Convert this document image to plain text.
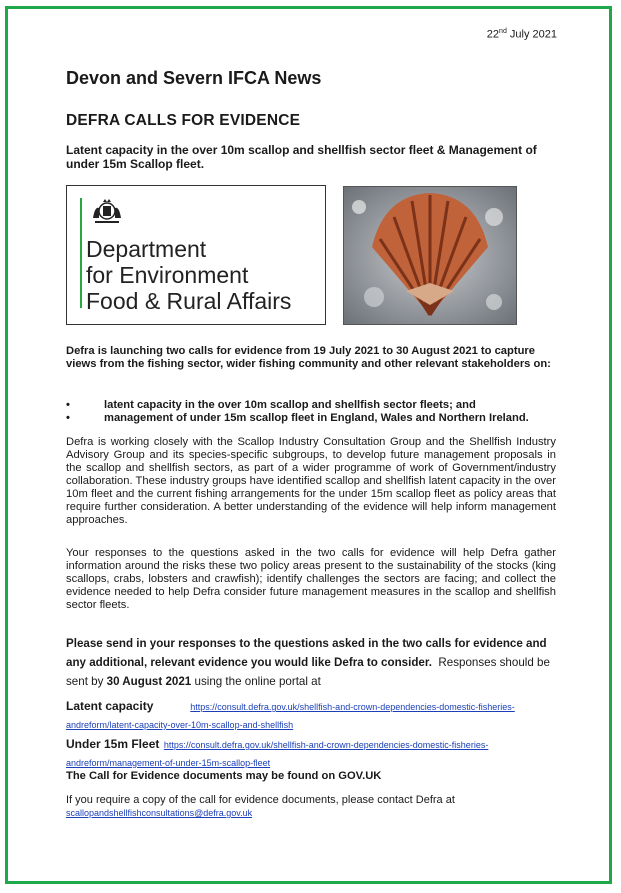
22nd July 2021
Devon and Severn IFCA News
DEFRA CALLS FOR EVIDENCE
Latent capacity in the over 10m scallop and shellfish sector fleet & Management of under 15m Scallop fleet.
Department
for Environment
Food & Rural Affairs
Defra is launching two calls for evidence from 19 July 2021 to 30 August 2021 to capture views from the fishing sector, wider fishing community and other relevant stakeholders on:
•	latent capacity in the over 10m scallop and shellfish sector fleets; and
•	management of under 15m scallop fleet in England, Wales and Northern Ireland.
Defra is working closely with the Scallop Industry Consultation Group and the Shellfish Industry Advisory Group and its species-specific subgroups, to develop future management proposals in the scallop and shellfish sectors, as part of a wider programme of work of Government/industry collaboration. These industry groups have identified scallop and shellfish latent capacity in the over 10m fleet and the current fishing arrangements for the under 15m scallop fleet as policy areas that require further consideration. A better understanding of the evidence will help inform management approaches.
Your responses to the questions asked in the two calls for evidence will help Defra gather information around the risks these two policy areas present to the sustainability of the stocks (king scallops, crabs, lobsters and crawfish); identify challenges the sectors are facing; and collect the evidence needed to help Defra consider future management measures in the scallop and shellfish sector fleets.
Please send in your responses to the questions asked in the two calls for evidence and any additional, relevant evidence you would like Defra to consider. Responses should be sent by 30 August 2021 using the online portal at
Latent capacity	https://consult.defra.gov.uk/shellfish-and-crown-dependencies-domestic-fisheries-
andreform/latent-capacity-over-10m-scallop-and-shellfish
Under 15m Fleet https://consult.defra.gov.uk/shellfish-and-crown-dependencies-domestic-fisheries-
andreform/management-of-under-15m-scallop-fleet
The Call for Evidence documents may be found on GOV.UK
If you require a copy of the call for evidence documents, please contact Defra at
scallopandshellfishconsultations@defra.gov.uk
